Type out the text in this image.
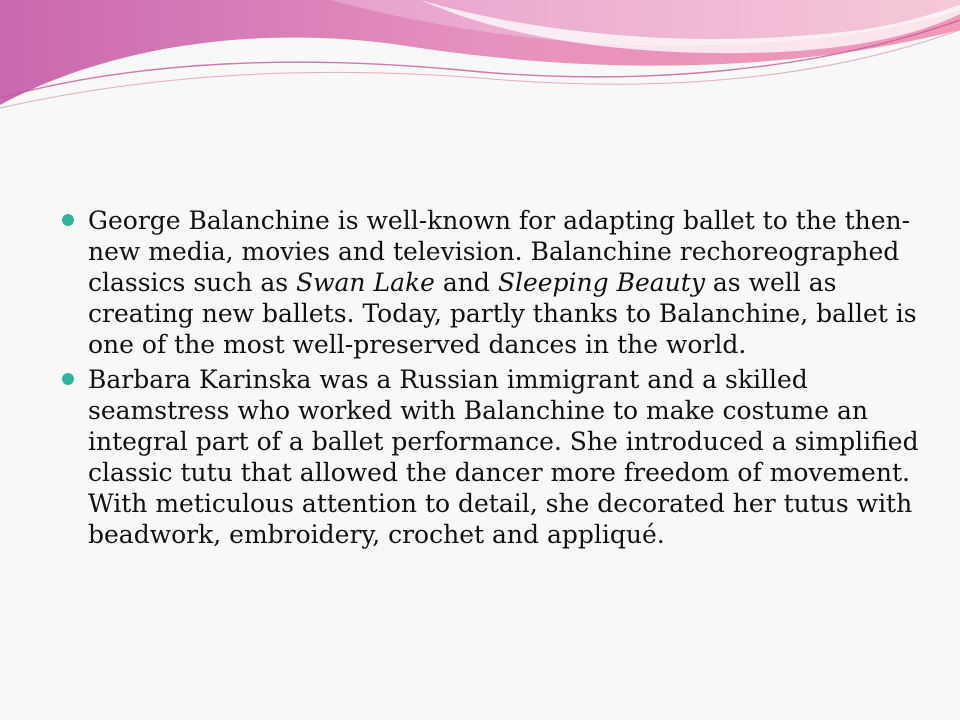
George Balanchine is well-known for adapting ballet to the then-new media, movies and television. Balanchine rechoreographed classics such as Swan Lake and Sleeping Beauty as well as creating new ballets. Today, partly thanks to Balanchine, ballet is one of the most well-preserved dances in the world.
Barbara Karinska was a Russian immigrant and a skilled seamstress who worked with Balanchine to make costume an integral part of a ballet performance. She introduced a simplified classic tutu that allowed the dancer more freedom of movement. With meticulous attention to detail, she decorated her tutus with beadwork, embroidery, crochet and appliqué.
